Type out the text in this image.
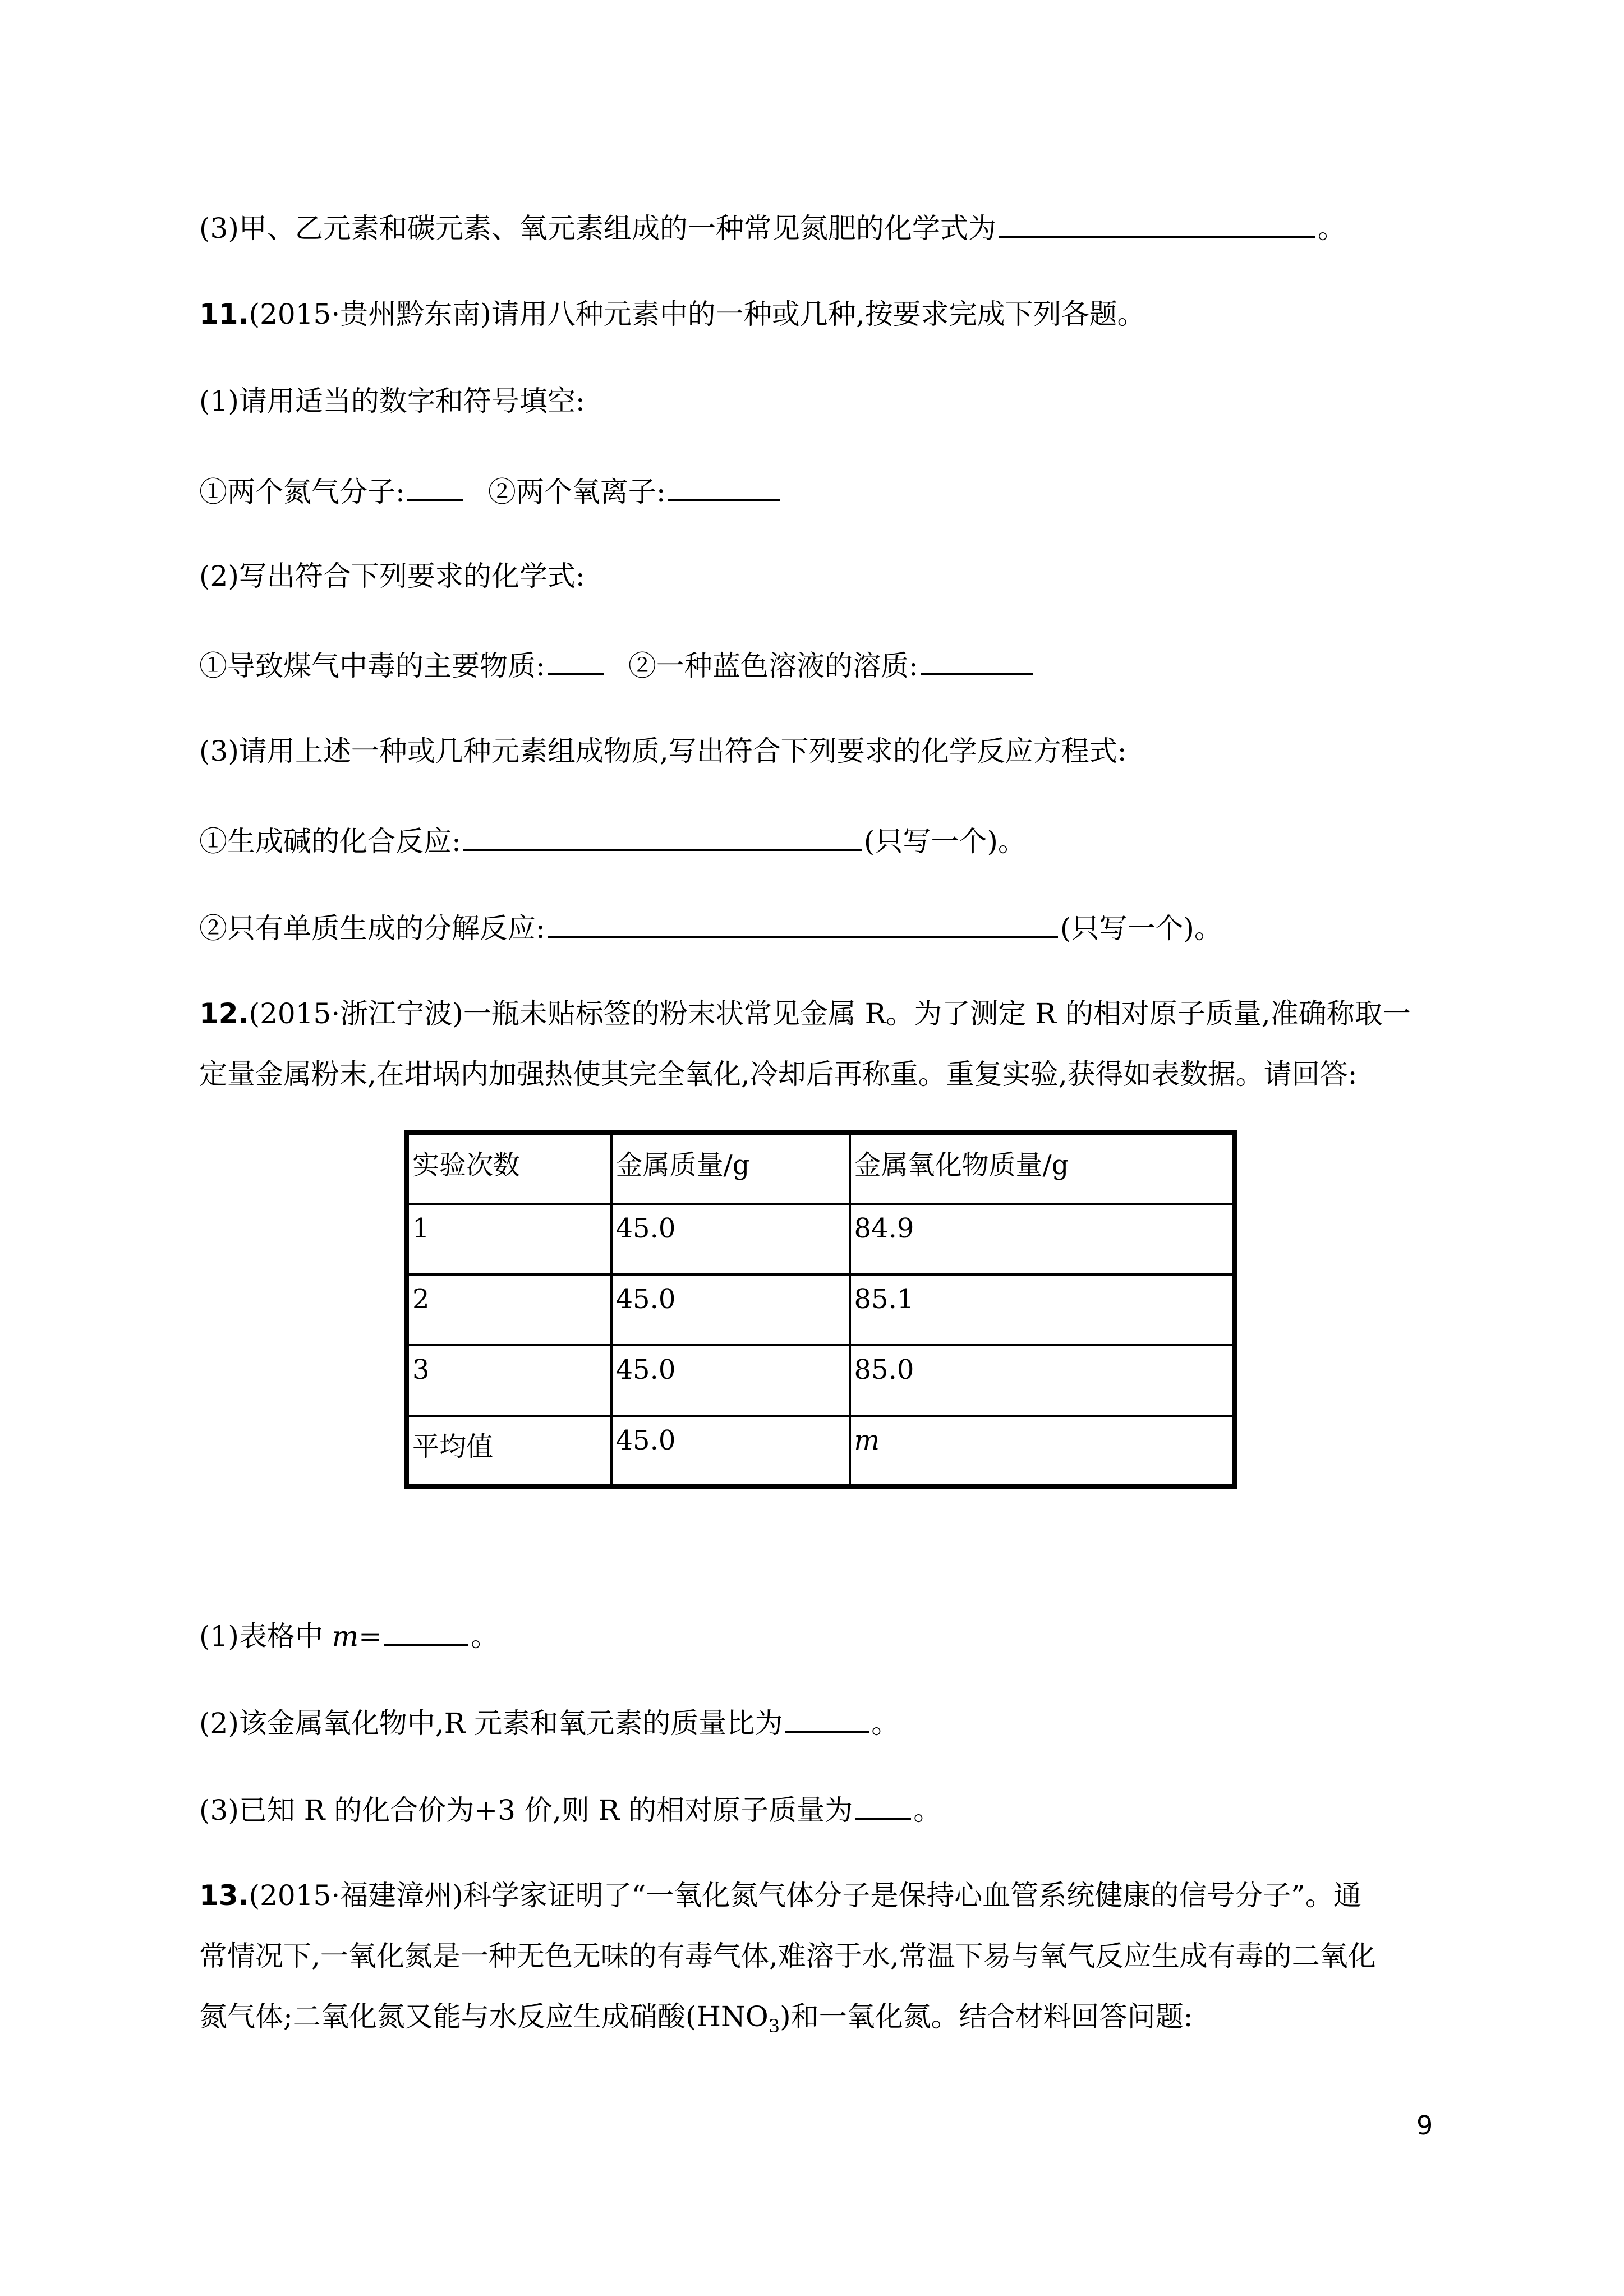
(3)甲、乙元素和碳元素、氧元素组成的一种常见氮肥的化学式为	。
11.(2015·贵州黔东南)请用八种元素中的一种或几种,按要求完成下列各题。
(1)请用适当的数字和符号填空:
①两个氮气分子:	②两个氧离子:
(2)写出符合下列要求的化学式:
①导致煤气中毒的主要物质:	②一种蓝色溶液的溶质:
(3)请用上述一种或几种元素组成物质,写出符合下列要求的化学反应方程式:
①生成碱的化合反应:	(只写一个)。
②只有单质生成的分解反应:	(只写一个)。
12.(2015·浙江宁波)一瓶未贴标签的粉末状常见金属 R。为了测定 R 的相对原子质量,准确称取一
定量金属粉末,在坩埚内加强热使其完全氧化,冷却后再称重。重复实验,获得如表数据。请回答:
实验次数	金属质量/g	金属氧化物质量/g
1	45.0	84.9
2	45.0	85.1
3	45.0	85.0
平均值	45.0	m
(1)表格中 m=	。
(2)该金属氧化物中,R 元素和氧元素的质量比为	。
(3)已知 R 的化合价为+3 价,则 R 的相对原子质量为 。
13.(2015·福建漳州)科学家证明了“一氧化氮气体分子是保持心血管系统健康的信号分子”。通
常情况下,一氧化氮是一种无色无味的有毒气体,难溶于水,常温下易与氧气反应生成有毒的二氧化
氮气体;二氧化氮又能与水反应生成硝酸$(HNO_3)$和一氧化氮。结合材料回答问题:
9
